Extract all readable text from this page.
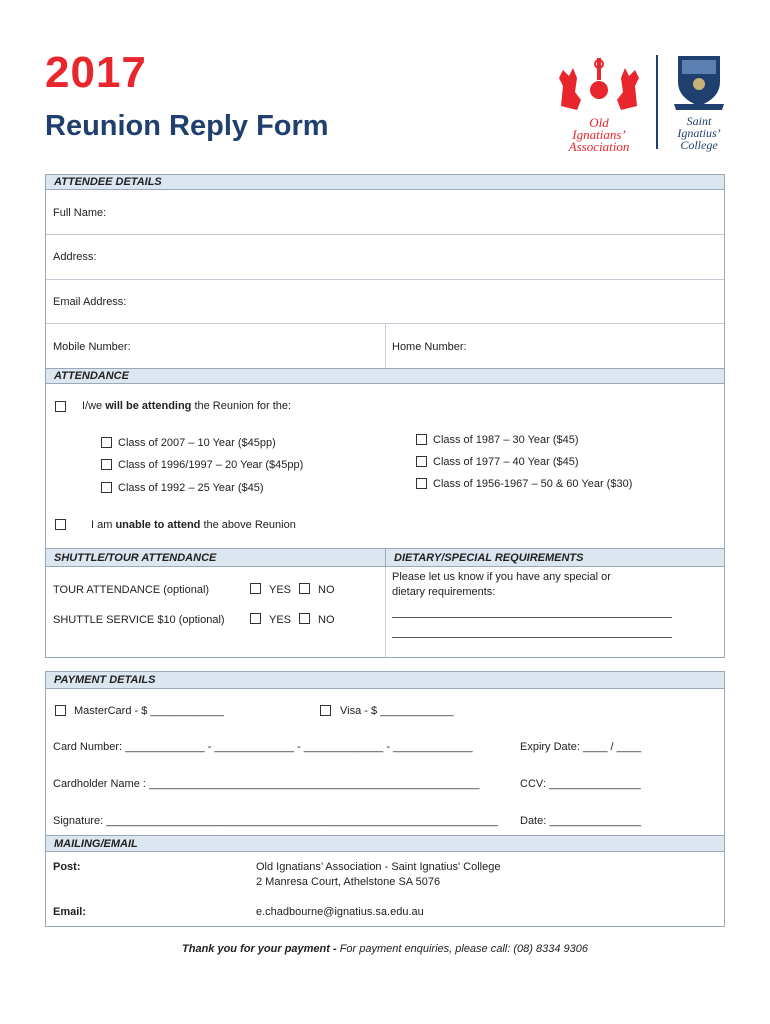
2017
Reunion Reply Form	Old
Ignatians’
Association
Saint
Ignatius’
College
ATTENDEE DETAILS
Full Name:
Address:
Email Address:
Mobile Number:	Home Number:
ATTENDANCE
I/we will be attending the Reunion for the:
Class of 2007 – 10 Year ($45pp)
Class of 1996/1997 – 20 Year ($45pp)
Class of 1992 – 25 Year ($45)
Class of 1987 – 30 Year ($45)
Class of 1977 – 40 Year ($45)
Class of 1956-1967 – 50 & 60 Year ($30)
I am unable to attend the above Reunion
SHUTTLE/TOUR ATTENDANCE	DIETARY/SPECIAL REQUIREMENTS
TOUR ATTENDANCE (optional)	YES NO
SHUTTLE SERVICE $10 (optional)	YES NO
Please let us know if you have any special or
dietary requirements:
PAYMENT DETAILS
MasterCard - $ ____________	Visa - $ ____________
Card Number: _____________ - _____________ - _____________ - _____________	Expiry Date: ____ / ____
Cardholder Name : ______________________________________________________	CCV: _______________
Signature: ________________________________________________________________ Date: _______________
MAILING/EMAIL
Post:	Old Ignatians’ Association - Saint Ignatius' College
2 Manresa Court, Athelstone SA 5076
Email:	e.chadbourne@ignatius.sa.edu.au
Thank you for your payment - For payment enquiries, please call: (08) 8334 9306
